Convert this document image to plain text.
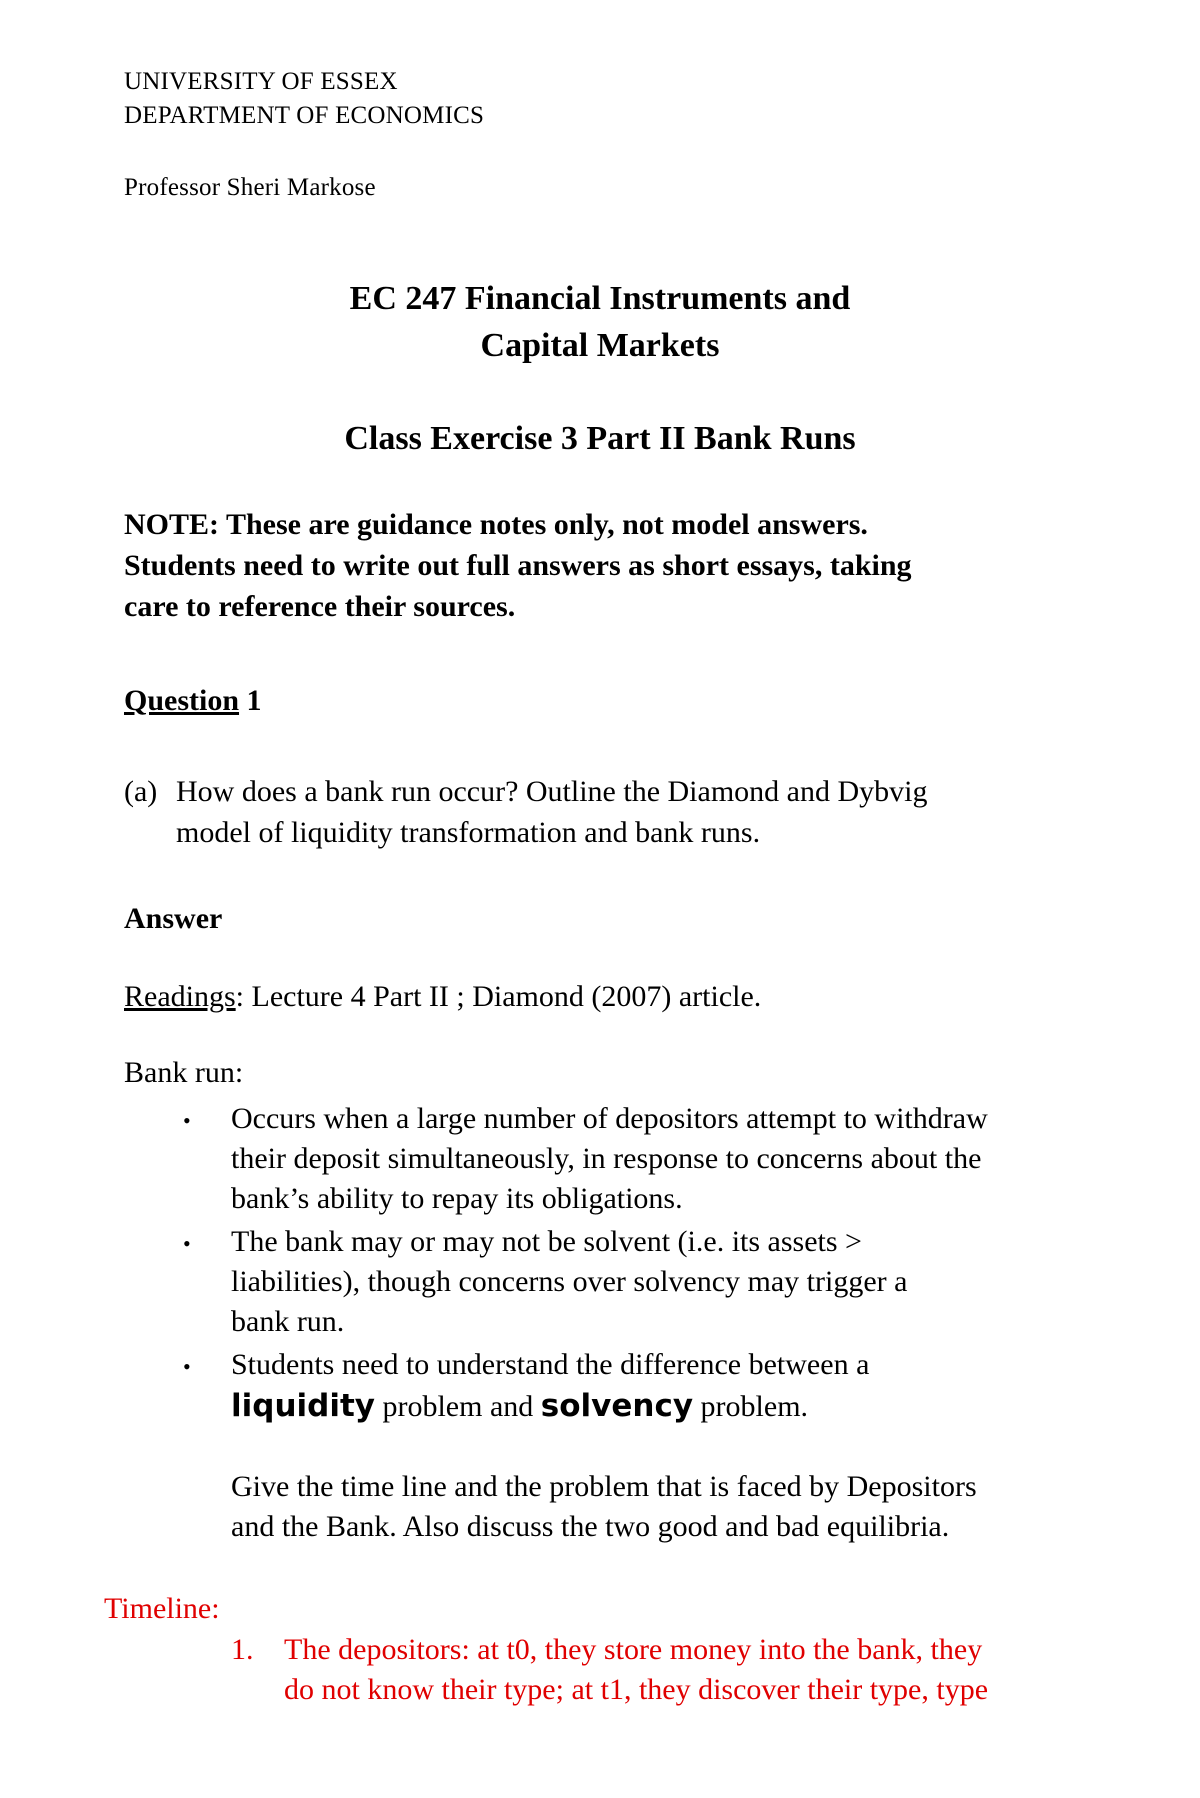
UNIVERSITY OF ESSEX
DEPARTMENT OF ECONOMICS
Professor Sheri Markose
EC 247 Financial Instruments and
Capital Markets
Class Exercise 3 Part II Bank Runs
NOTE: These are guidance notes only, not model answers.
Students need to write out full answers as short essays, taking
care to reference their sources.
Question 1
(a) How does a bank run occur? Outline the Diamond and Dybvig
model of liquidity transformation and bank runs.
Answer
Readings: Lecture 4 Part II ; Diamond (2007) article.
Bank run:
• Occurs when a large number of depositors attempt to withdraw
their deposit simultaneously, in response to concerns about the
bank’s ability to repay its obligations.
• The bank may or may not be solvent (i.e. its assets >
liabilities), though concerns over solvency may trigger a
bank run.
• Students need to understand the difference between a
liquidity problem and solvency problem.
Give the time line and the problem that is faced by Depositors
and the Bank. Also discuss the two good and bad equilibria.
Timeline:
1. The depositors: at t0, they store money into the bank, they
do not know their type; at t1, they discover their type, type
